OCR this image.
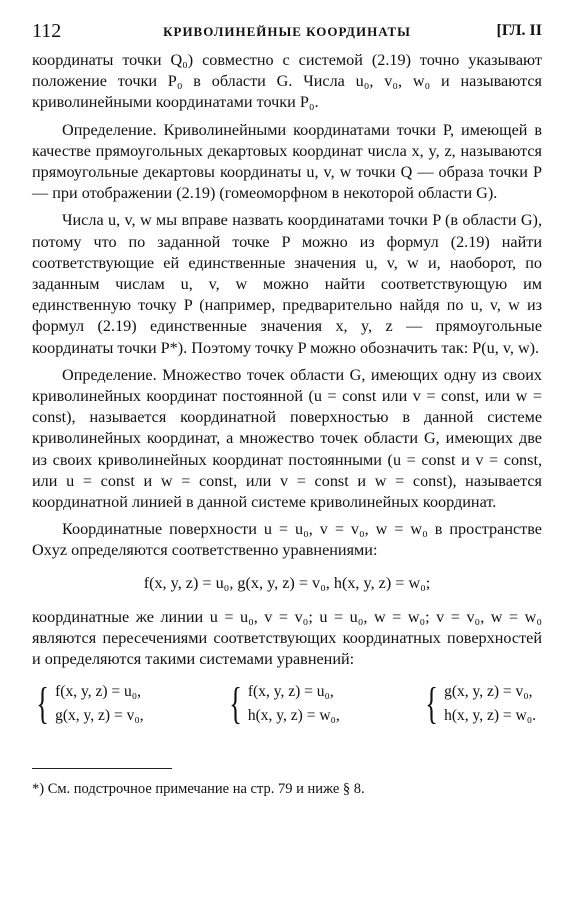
112	КРИВОЛИНЕЙНЫЕ КООРДИНАТЫ	[ГЛ. II

координаты точки Q₀) совместно с системой (2.19) точно указывают положение точки P₀ в области G. Числа u₀, v₀, w₀ и называются криволинейными координатами точки P₀.

Определение. Криволинейными координатами точки P, имеющей в качестве прямоугольных декартовых координат числа x, y, z, называются прямоугольные декартовы координаты u, v, w точки Q — образа точки P — при отображении (2.19) (гомеоморфном в некоторой области G).

Числа u, v, w мы вправе назвать координатами точки P (в области G), потому что по заданной точке P можно из формул (2.19) найти соответствующие ей единственные значения u, v, w и, наоборот, по заданным числам u, v, w можно найти соответствующую им единственную точку P (например, предварительно найдя по u, v, w из формул (2.19) единственные значения x, y, z — прямоугольные координаты точки P*). Поэтому точку P можно обозначить так: P(u, v, w).

Определение. Множество точек области G, имеющих одну из своих криволинейных координат постоянной (u = const или v = const, или w = const), называется координатной поверхностью в данной системе криволинейных координат, а множество точек области G, имеющих две из своих криволинейных координат постоянными (u = const и v = const, или u = const и w = const, или v = const и w = const), называется координатной линией в данной системе криволинейных координат.

Координатные поверхности u = u₀, v = v₀, w = w₀ в пространстве Oxyz определяются соответственно уравнениями:

f(x, y, z) = u₀, g(x, y, z) = v₀, h(x, y, z) = w₀;

координатные же линии u = u₀, v = v₀; u = u₀, w = w₀; v = v₀, w = w₀ являются пересечениями соответствующих координатных поверхностей и определяются такими системами уравнений:

{ f(x, y, z) = u₀,
g(x, y, z) = v₀, { f(x, y, z) = u₀,
h(x, y, z) = w₀, { g(x, y, z) = v₀,
h(x, y, z) = w₀.

*) См. подстрочное примечание на стр. 79 и ниже § 8.
